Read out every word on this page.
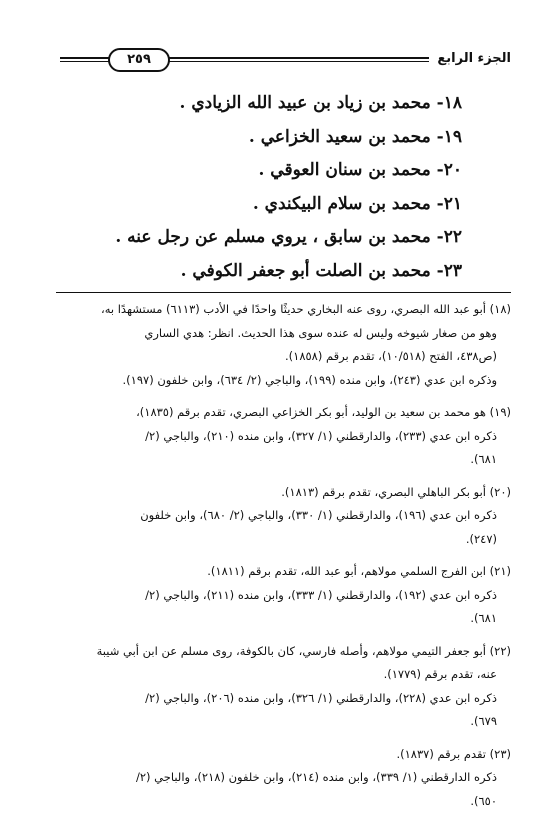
الجزء الرابع
٢٥٩
١٨- محمد بن زياد بن عبيد الله الزيادي .
١٩- محمد بن سعيد الخزاعي .
٢٠- محمد بن سنان العوقي .
٢١- محمد بن سلام البيكندي .
٢٢- محمد بن سابق ، يروي مسلم عن رجل عنه .
٢٣- محمد بن الصلت أبو جعفر الكوفي .

(١٨) أبو عبد الله البصري، روى عنه البخاري حديثًا واحدًا في الأدب (٦١١٣) مستشهدًا به،

وهو من صغار شيوخه وليس له عنده سوى هذا الحديث. انظر: هدي الساري

(ص٤٣٨، الفتح (١٠/٥١٨)، تقدم برقم (١٨٥٨).

وذكره ابن عدي (٢٤٣)، وابن منده (١٩٩)، والباجي (٢/ ٦٣٤)، وابن خلفون (١٩٧).

(١٩) هو محمد بن سعيد بن الوليد، أبو بكر الخزاعي البصري، تقدم برقم (١٨٣٥)،

ذكره ابن عدي (٢٣٣)، والدارقطني (١/ ٣٢٧)، وابن منده (٢١٠)، والباجي (٢/

٦٨١).

(٢٠) أبو بكر الباهلي البصري، تقدم برقم (١٨١٣).

ذكره ابن عدي (١٩٦)، والدارقطني (١/ ٣٣٠)، والباجي (٢/ ٦٨٠)، وابن خلفون

(٢٤٧).

(٢١) ابن الفرج السلمي مولاهم، أبو عبد الله، تقدم برقم (١٨١١).

ذكره ابن عدي (١٩٢)، والدارقطني (١/ ٣٣٣)، وابن منده (٢١١)، والباجي (٢/

٦٨١).

(٢٢) أبو جعفر التيمي مولاهم، وأصله فارسي، كان بالكوفة، روى مسلم عن ابن أبي شيبة

عنه، تقدم برقم (١٧٧٩).

ذكره ابن عدي (٢٢٨)، والدارقطني (١/ ٣٢٦)، وابن منده (٢٠٦)، والباجي (٢/

٦٧٩).

(٢٣) تقدم برقم (١٨٣٧).

ذكره الدارقطني (١/ ٣٣٩)، وابن منده (٢١٤)، وابن خلفون (٢١٨)، والباجي (٢/

٦٥٠).
